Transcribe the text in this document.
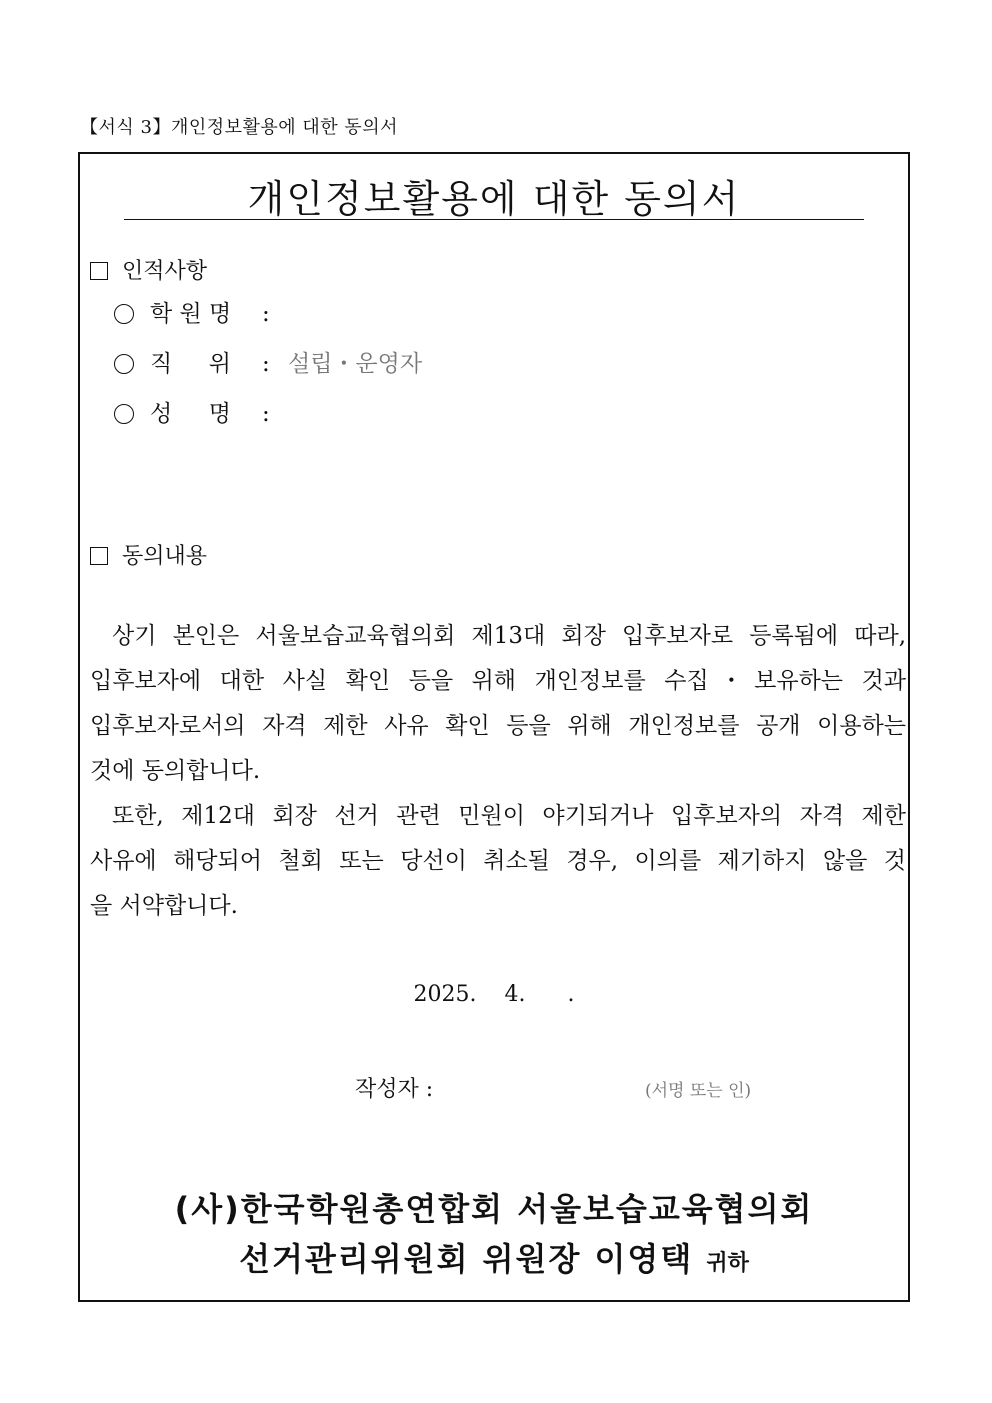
【서식 3】개인정보활용에 대한 동의서
개인정보활용에 대한 동의서
인적사항
학 원 명 :
직     위 : 설립・운영자
성     명 :
동의내용
상기 본인은 서울보습교육협의회 제13대 회장 입후보자로 등록됨에 따라,
입후보자에 대한 사실 확인 등을 위해 개인정보를 수집・보유하는 것과
입후보자로서의 자격 제한 사유 확인 등을 위해 개인정보를 공개 이용하는
것에 동의합니다.
또한, 제12대 회장 선거 관련 민원이 야기되거나 입후보자의 자격 제한
사유에 해당되어 철회 또는 당선이 취소될 경우, 이의를 제기하지 않을 것
을 서약합니다.
2025.    4.      .
작성자 :	(서명 또는 인)
(사)한국학원총연합회 서울보습교육협의회
선거관리위원회 위원장 이영택 귀하
